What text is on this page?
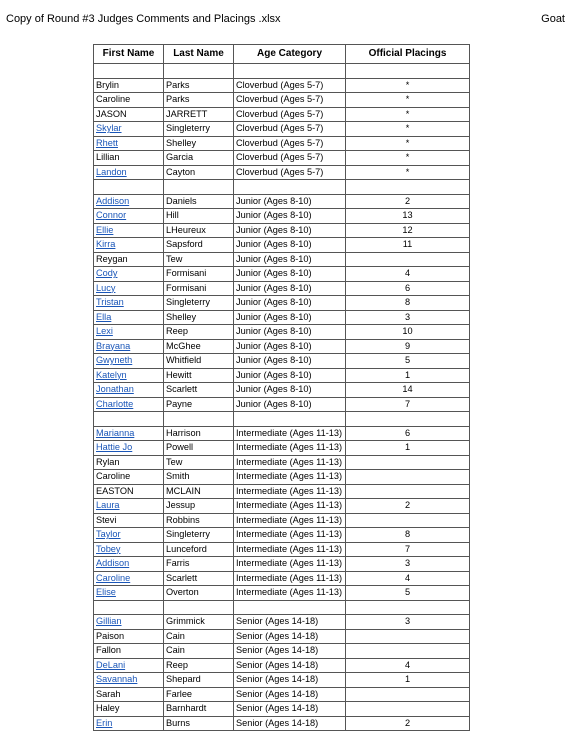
Copy of Round #3 Judges Comments and Placings .xlsx	Goat
First Name	Last Name	Age Category	Official Placings

Brylin	Parks	Cloverbud (Ages 5-7)	*
Caroline	Parks	Cloverbud (Ages 5-7)	*
JASON	JARRETT	Cloverbud (Ages 5-7)	*
Skylar	Singleterry	Cloverbud (Ages 5-7)	*
Rhett	Shelley	Cloverbud (Ages 5-7)	*
Lillian	Garcia	Cloverbud (Ages 5-7)	*
Landon	Cayton	Cloverbud (Ages 5-7)	*

Addison	Daniels	Junior (Ages 8-10)	2
Connor	Hill	Junior (Ages 8-10)	13
Ellie	LHeureux	Junior (Ages 8-10)	12
Kirra	Sapsford	Junior (Ages 8-10)	11
Reygan	Tew	Junior (Ages 8-10)	
Cody	Formisani	Junior (Ages 8-10)	4
Lucy	Formisani	Junior (Ages 8-10)	6
Tristan	Singleterry	Junior (Ages 8-10)	8
Ella	Shelley	Junior (Ages 8-10)	3
Lexi	Reep	Junior (Ages 8-10)	10
Brayana	McGhee	Junior (Ages 8-10)	9
Gwyneth	Whitfield	Junior (Ages 8-10)	5
Katelyn	Hewitt	Junior (Ages 8-10)	1
Jonathan	Scarlett	Junior (Ages 8-10)	14
Charlotte	Payne	Junior (Ages 8-10)	7

Marianna	Harrison	Intermediate (Ages 11-13)	6
Hattie Jo	Powell	Intermediate (Ages 11-13)	1
Rylan	Tew	Intermediate (Ages 11-13)	
Caroline	Smith	Intermediate (Ages 11-13)	
EASTON	MCLAIN	Intermediate (Ages 11-13)	
Laura	Jessup	Intermediate (Ages 11-13)	2
Stevi	Robbins	Intermediate (Ages 11-13)	
Taylor	Singleterry	Intermediate (Ages 11-13)	8
Tobey	Lunceford	Intermediate (Ages 11-13)	7
Addison	Farris	Intermediate (Ages 11-13)	3
Caroline	Scarlett	Intermediate (Ages 11-13)	4
Elise	Overton	Intermediate (Ages 11-13)	5

Gillian	Grimmick	Senior (Ages 14-18)	3
Paison	Cain	Senior (Ages 14-18)	
Fallon	Cain	Senior (Ages 14-18)	
DeLani	Reep	Senior (Ages 14-18)	4
Savannah	Shepard	Senior (Ages 14-18)	1
Sarah	Farlee	Senior (Ages 14-18)	
Haley	Barnhardt	Senior (Ages 14-18)	
Erin	Burns	Senior (Ages 14-18)	2
